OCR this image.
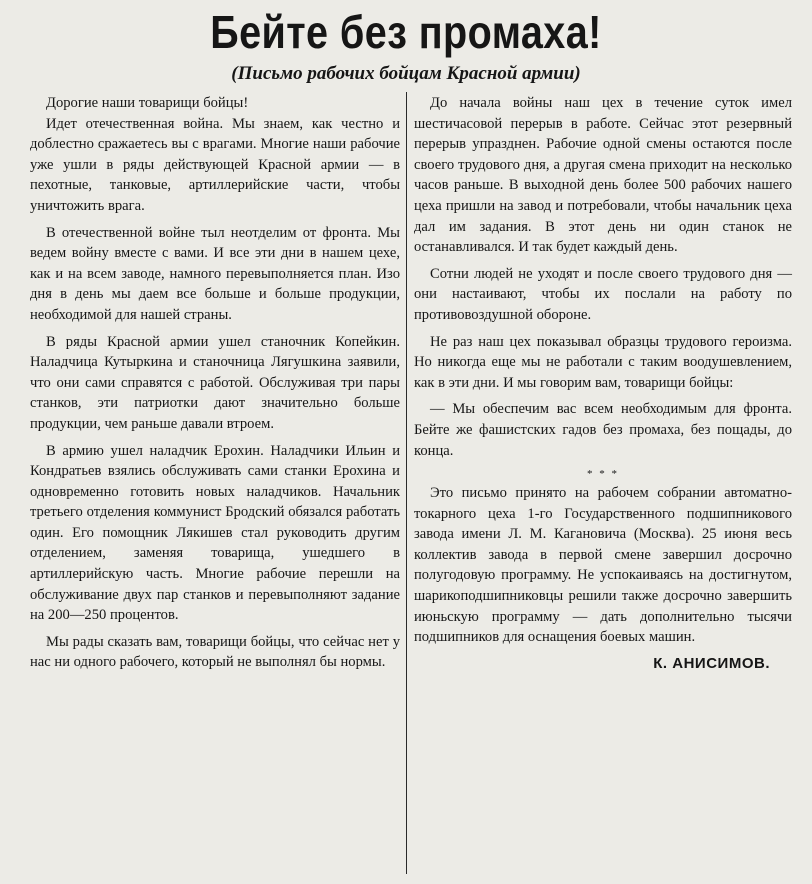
Бейте без промаха!
(Письмо рабочих бойцам Красной армии)

Дорогие наши товарищи бойцы!

Идет отечественная война. Мы знаем, как честно и доблестно сражаетесь вы с врагами. Многие наши рабочие уже ушли в ряды действующей Красной армии — в пехотные, танковые, артиллерийские части, чтобы уничтожить врага.

В отечественной войне тыл неотделим от фронта. Мы ведем войну вместе с вами. И все эти дни в нашем цехе, как и на всем заводе, намного перевыполняется план. Изо дня в день мы даем все больше и больше продукции, необходимой для нашей страны.

В ряды Красной армии ушел станочник Копейкин. Наладчица Кутыркина и станочница Лягушкина заявили, что они сами справятся с работой. Обслуживая три пары станков, эти патриотки дают значительно больше продукции, чем раньше давали втроем.

В армию ушел наладчик Ерохин. Наладчики Ильин и Кондратьев взялись обслуживать сами станки Ерохина и одновременно готовить новых наладчиков. Начальник третьего отделения коммунист Бродский обязался работать один. Его помощник Лякишев стал руководить другим отделением, заменяя товарища, ушедшего в артиллерийскую часть. Многие рабочие перешли на обслуживание двух пар станков и перевыполняют задание на 200—250 процентов.

Мы рады сказать вам, товарищи бойцы, что сейчас нет у нас ни одного рабочего, который не выполнял бы нормы.

До начала войны наш цех в течение суток имел шестичасовой перерыв в работе. Сейчас этот резервный перерыв упразднен. Рабочие одной смены остаются после своего трудового дня, а другая смена приходит на несколько часов раньше. В выходной день более 500 рабочих нашего цеха пришли на завод и потребовали, чтобы начальник цеха дал им задания. В этот день ни один станок не останавливался. И так будет каждый день.

Сотни людей не уходят и после своего трудового дня — они настаивают, чтобы их послали на работу по противовоздушной обороне.

Не раз наш цех показывал образцы трудового героизма. Но никогда еще мы не работали с таким воодушевлением, как в эти дни. И мы говорим вам, товарищи бойцы:

— Мы обеспечим вас всем необходимым для фронта. Бейте же фашистских гадов без промаха, без пощады, до конца.

* * *

Это письмо принято на рабочем собрании автоматно-токарного цеха 1-го Государственного подшипникового завода имени Л. М. Кагановича (Москва). 25 июня весь коллектив завода в первой смене завершил досрочно полугодовую программу. Не успокаиваясь на достигнутом, шарикоподшипниковцы решили также досрочно завершить июньскую программу — дать дополнительно тысячи подшипников для оснащения боевых машин.

К. АНИСИМОВ.
